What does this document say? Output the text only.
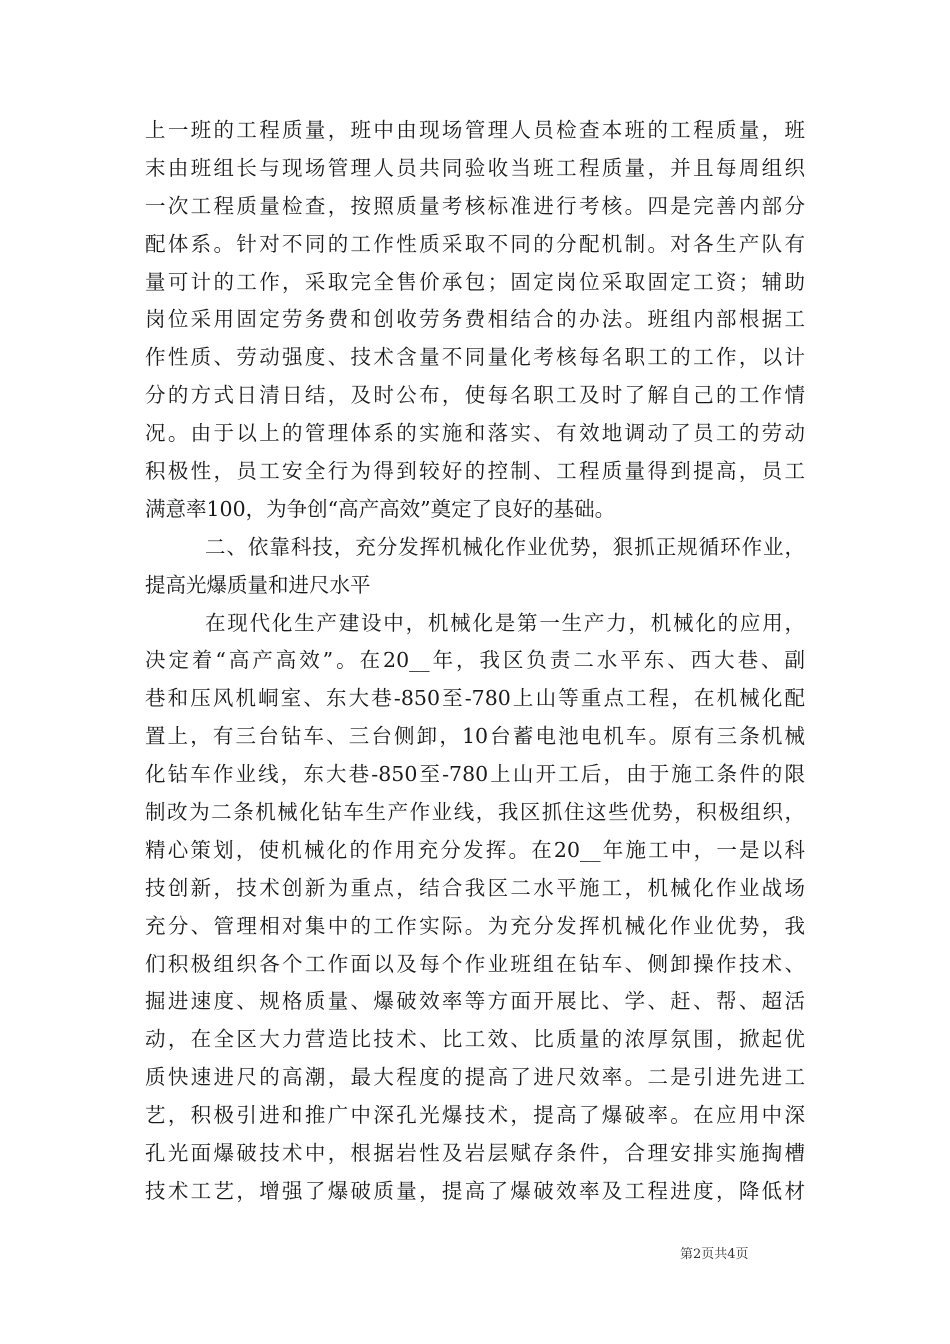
上一班的工程质量，班中由现场管理人员检查本班的工程质量，班
末由班组长与现场管理人员共同验收当班工程质量，并且每周组织
一次工程质量检查，按照质量考核标准进行考核。四是完善内部分
配体系。针对不同的工作性质采取不同的分配机制。对各生产队有
量可计的工作，采取完全售价承包；固定岗位采取固定工资；辅助
岗位采用固定劳务费和创收劳务费相结合的办法。班组内部根据工
作性质、劳动强度、技术含量不同量化考核每名职工的工作，以计
分的方式日清日结，及时公布，使每名职工及时了解自己的工作情
况。由于以上的管理体系的实施和落实、有效地调动了员工的劳动
积极性，员工安全行为得到较好的控制、工程质量得到提高，员工
满意率100，为争创“高产高效”奠定了良好的基础。
二、依靠科技，充分发挥机械化作业优势，狠抓正规循环作业，
提高光爆质量和进尺水平
在现代化生产建设中，机械化是第一生产力，机械化的应用，
决定着“高产高效”。在20__年，我区负责二水平东、西大巷、副
巷和压风机峒室、东大巷-850至-780上山等重点工程，在机械化配
置上，有三台钻车、三台侧卸，10台蓄电池电机车。原有三条机械
化钻车作业线，东大巷-850至-780上山开工后，由于施工条件的限
制改为二条机械化钻车生产作业线，我区抓住这些优势，积极组织，
精心策划，使机械化的作用充分发挥。在20__年施工中，一是以科
技创新，技术创新为重点，结合我区二水平施工，机械化作业战场
充分、管理相对集中的工作实际。为充分发挥机械化作业优势，我
们积极组织各个工作面以及每个作业班组在钻车、侧卸操作技术、
掘进速度、规格质量、爆破效率等方面开展比、学、赶、帮、超活
动，在全区大力营造比技术、比工效、比质量的浓厚氛围，掀起优
质快速进尺的高潮，最大程度的提高了进尺效率。二是引进先进工
艺，积极引进和推广中深孔光爆技术，提高了爆破率。在应用中深
孔光面爆破技术中，根据岩性及岩层赋存条件，合理安排实施掏槽
技术工艺，增强了爆破质量，提高了爆破效率及工程进度，降低材
第2页共4页
